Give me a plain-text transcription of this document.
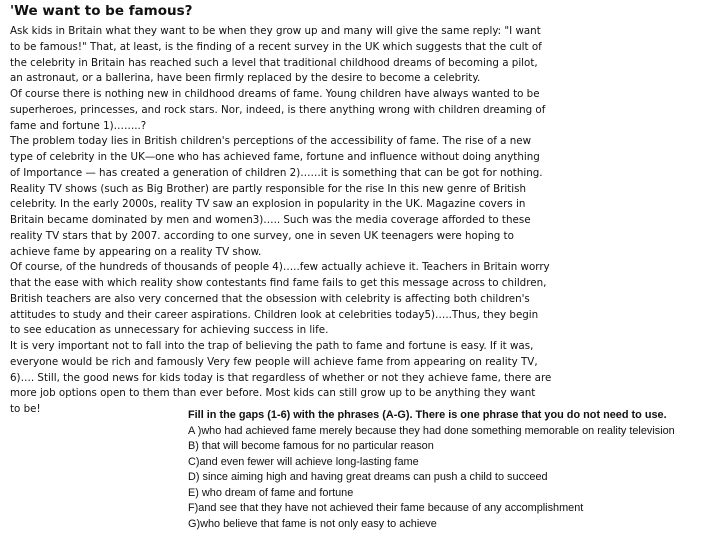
'We want to be famous?
Ask kids in Britain what they want to be when they grow up and many will give the same reply: "I want
to be famous!" That, at least, is the finding of a recent survey in the UK which suggests that the cult of
the celebrity in Britain has reached such a level that traditional childhood dreams of becoming a pilot,
an astronaut, or a ballerina, have been firmly replaced by the desire to become a celebrity.
Of course there is nothing new in childhood dreams of fame. Young children have always wanted to be
superheroes, princesses, and rock stars. Nor, indeed, is there anything wrong with children dreaming of
fame and fortune 1)……..?
The problem today lies in British children's perceptions of the accessibility of fame. The rise of a new
type of celebrity in the UK—one who has achieved fame, fortune and influence without doing anything
of Importance — has created a generation of children 2)……it is something that can be got for nothing.
Reality TV shows (such as Big Brother) are partly responsible for the rise In this new genre of British
celebrity. In the early 2000s, reality TV saw an explosion in popularity in the UK. Magazine covers in
Britain became dominated by men and women3)….. Such was the media coverage afforded to these
reality TV stars that by 2007. according to one survey, one in seven UK teenagers were hoping to
achieve fame by appearing on a reality TV show.
Of course, of the hundreds of thousands of people 4)…..few actually achieve it. Teachers in Britain worry
that the ease with which reality show contestants find fame fails to get this message across to children,
British teachers are also very concerned that the obsession with celebrity is affecting both children's
attitudes to study and their career aspirations. Children look at celebrities today5)…..Thus, they begin
to see education as unnecessary for achieving success in life.
It is very important not to fall into the trap of believing the path to fame and fortune is easy. If it was,
everyone would be rich and famously Very few people will achieve fame from appearing on reality TV,
6)…. Still, the good news for kids today is that regardless of whether or not they achieve fame, there are
more job options open to them than ever before. Most kids can still grow up to be anything they want
to be!	Fill in the gaps (1-6) with the phrases (A-G). There is one phrase that you do not need to use.
A )who had achieved fame merely because they had done something memorable on reality television
B) that will become famous for no particular reason
C)and even fewer will achieve long-lasting fame
D) since aiming high and having great dreams can push a child to succeed
E) who dream of fame and fortune
F)and see that they have not achieved their fame because of any accomplishment
G)who believe that fame is not only easy to achieve
